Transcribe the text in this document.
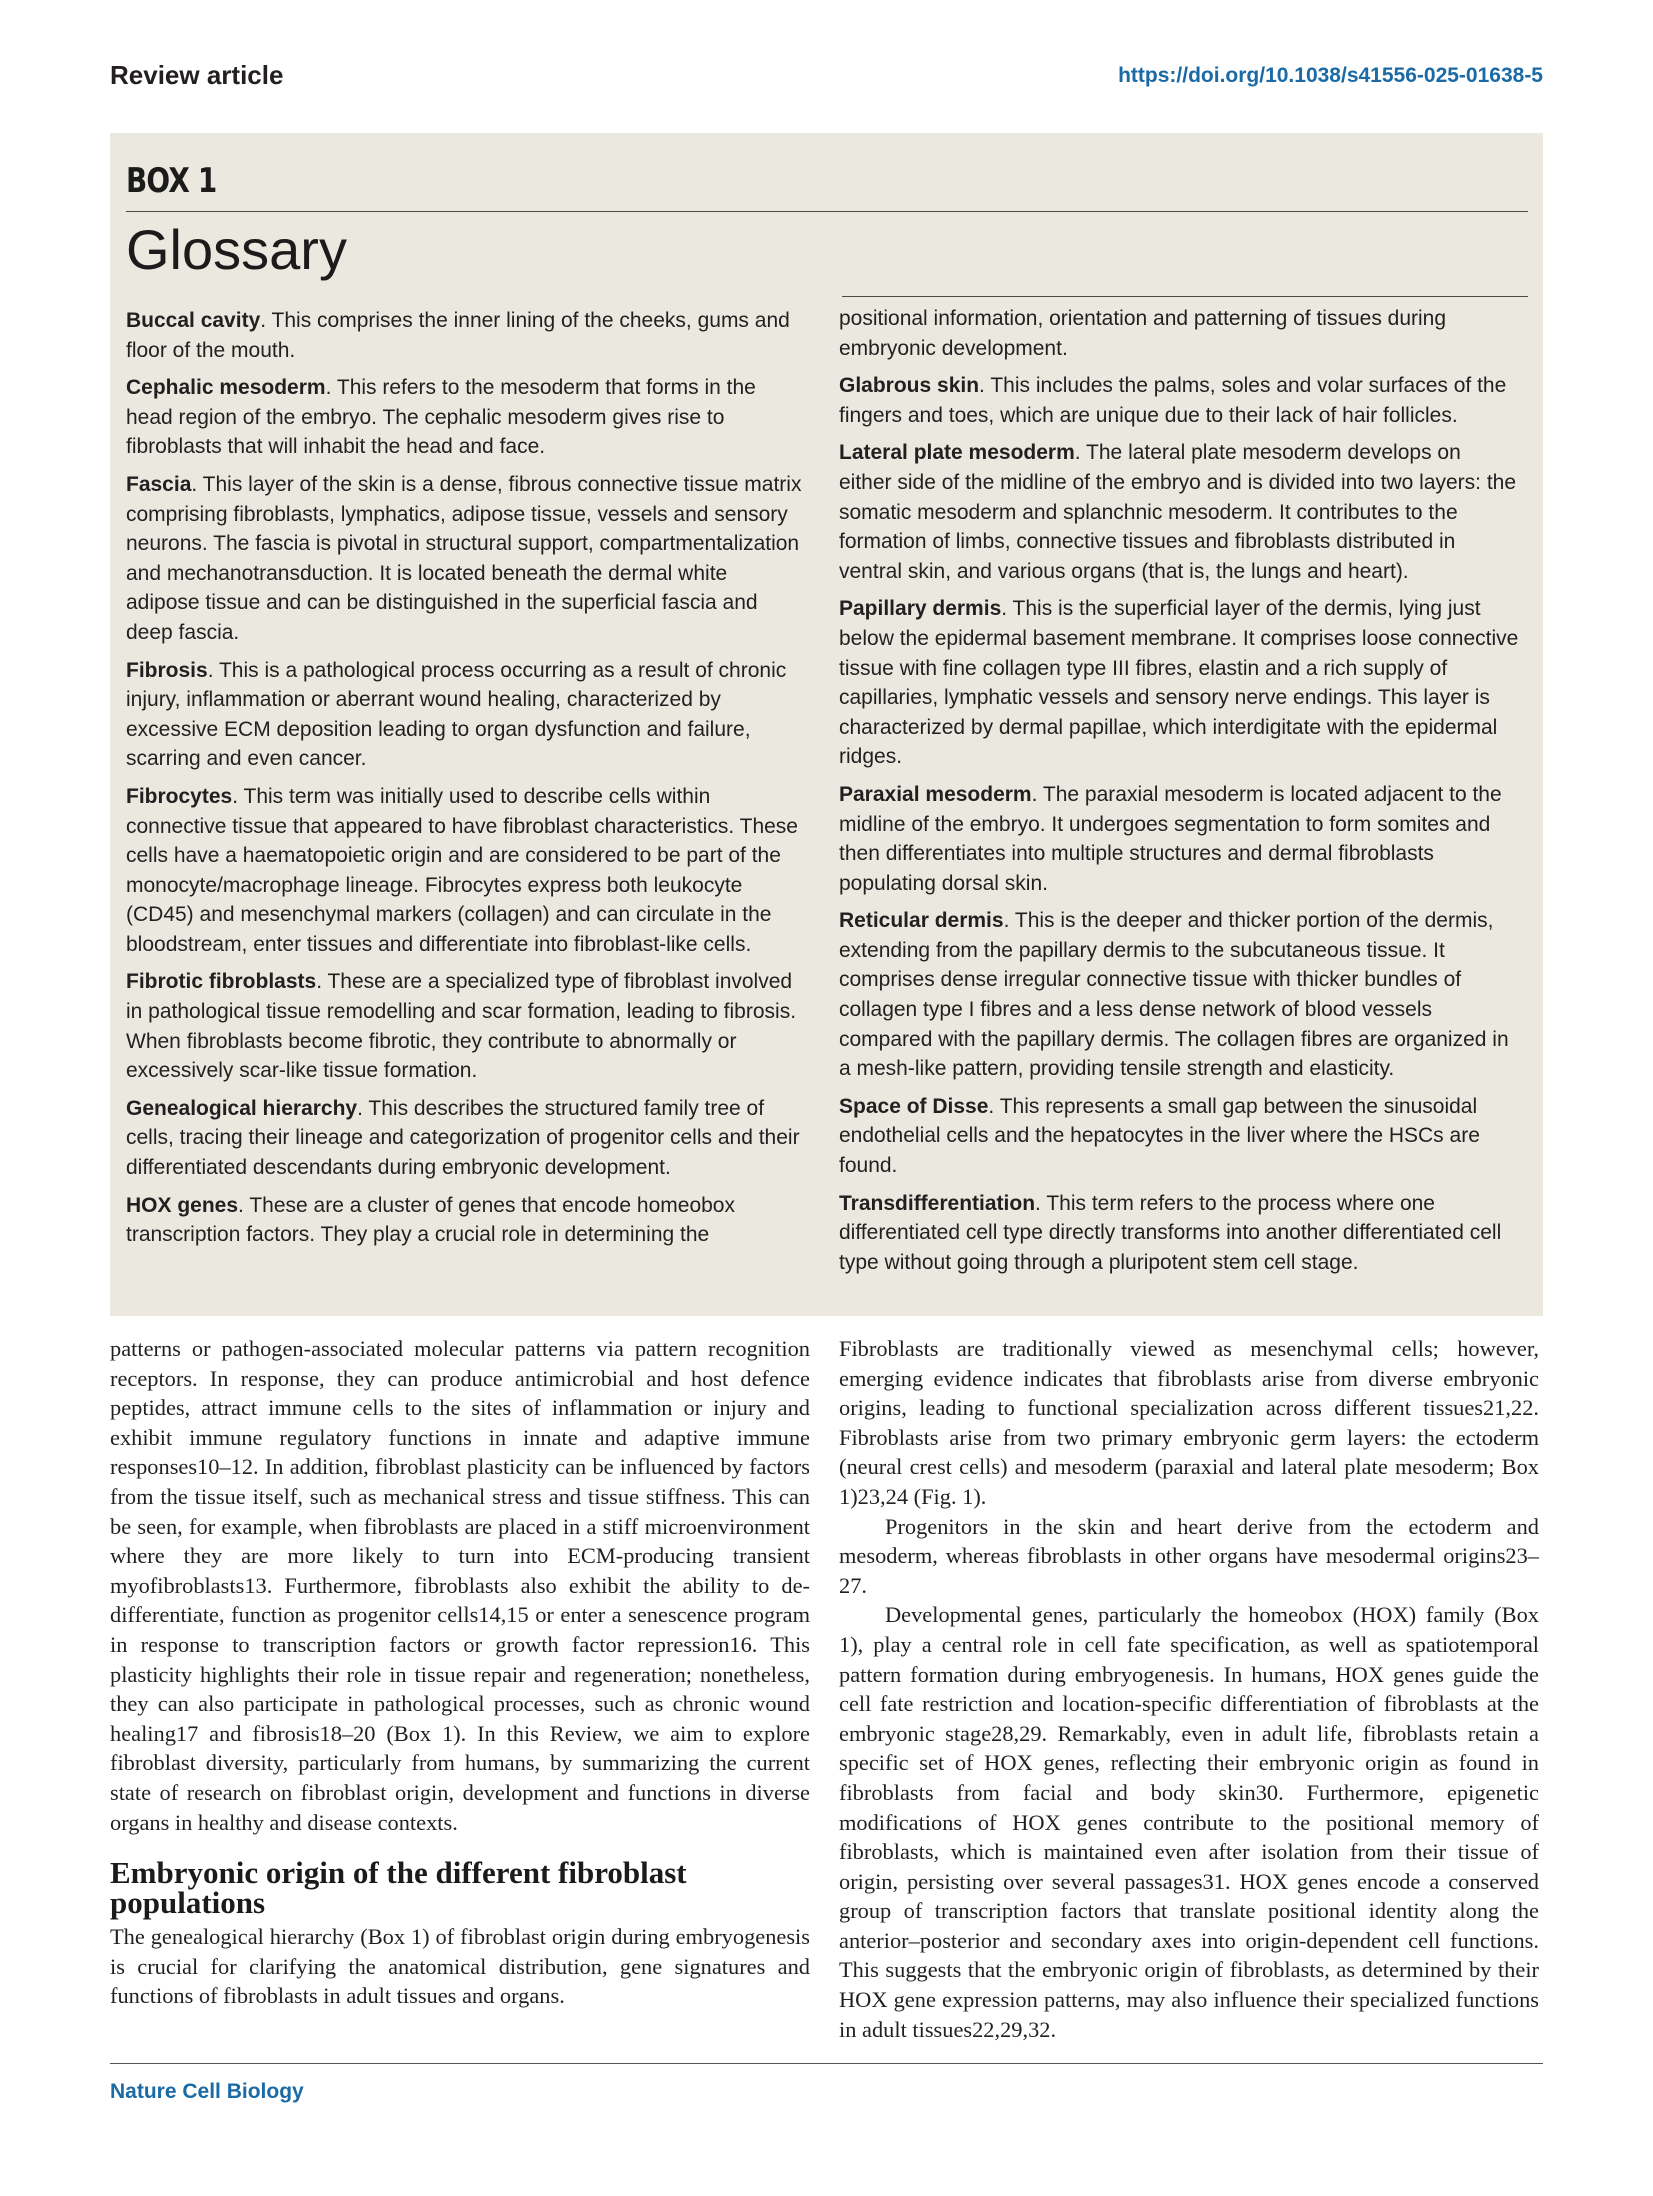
Review article	https://doi.org/10.1038/s41556-025-01638-5
BOX 1
Glossary

Buccal cavity. This comprises the inner lining of the cheeks, gums and floor of the mouth.

Cephalic mesoderm. This refers to the mesoderm that forms in the head region of the embryo. The cephalic mesoderm gives rise to fibroblasts that will inhabit the head and face.

Fascia. This layer of the skin is a dense, fibrous connective tissue matrix comprising fibroblasts, lymphatics, adipose tissue, vessels and sensory neurons. The fascia is pivotal in structural support, compartmentalization and mechanotransduction. It is located beneath the dermal white adipose tissue and can be distinguished in the superficial fascia and deep fascia.

Fibrosis. This is a pathological process occurring as a result of chronic injury, inflammation or aberrant wound healing, characterized by excessive ECM deposition leading to organ dysfunction and failure, scarring and even cancer.

Fibrocytes. This term was initially used to describe cells within connective tissue that appeared to have fibroblast characteristics. These cells have a haematopoietic origin and are considered to be part of the monocyte/macrophage lineage. Fibrocytes express both leukocyte (CD45) and mesenchymal markers (collagen) and can circulate in the bloodstream, enter tissues and differentiate into fibroblast-like cells.

Fibrotic fibroblasts. These are a specialized type of fibroblast involved in pathological tissue remodelling and scar formation, leading to fibrosis. When fibroblasts become fibrotic, they contribute to abnormally or excessively scar-like tissue formation.

Genealogical hierarchy. This describes the structured family tree of cells, tracing their lineage and categorization of progenitor cells and their differentiated descendants during embryonic development.

HOX genes. These are a cluster of genes that encode homeobox transcription factors. They play a crucial role in determining the

positional information, orientation and patterning of tissues during embryonic development.

Glabrous skin. This includes the palms, soles and volar surfaces of the fingers and toes, which are unique due to their lack of hair follicles.

Lateral plate mesoderm. The lateral plate mesoderm develops on either side of the midline of the embryo and is divided into two layers: the somatic mesoderm and splanchnic mesoderm. It contributes to the formation of limbs, connective tissues and fibroblasts distributed in ventral skin, and various organs (that is, the lungs and heart).

Papillary dermis. This is the superficial layer of the dermis, lying just below the epidermal basement membrane. It comprises loose connective tissue with fine collagen type III fibres, elastin and a rich supply of capillaries, lymphatic vessels and sensory nerve endings. This layer is characterized by dermal papillae, which interdigitate with the epidermal ridges.

Paraxial mesoderm. The paraxial mesoderm is located adjacent to the midline of the embryo. It undergoes segmentation to form somites and then differentiates into multiple structures and dermal fibroblasts populating dorsal skin.

Reticular dermis. This is the deeper and thicker portion of the dermis, extending from the papillary dermis to the subcutaneous tissue. It comprises dense irregular connective tissue with thicker bundles of collagen type I fibres and a less dense network of blood vessels compared with the papillary dermis. The collagen fibres are organized in a mesh-like pattern, providing tensile strength and elasticity.

Space of Disse. This represents a small gap between the sinusoidal endothelial cells and the hepatocytes in the liver where the HSCs are found.

Transdifferentiation. This term refers to the process where one differentiated cell type directly transforms into another differentiated cell type without going through a pluripotent stem cell stage.

patterns or pathogen-associated molecular patterns via pattern recognition receptors. In response, they can produce antimicrobial and host defence peptides, attract immune cells to the sites of inflammation or injury and exhibit immune regulatory functions in innate and adaptive immune responses10–12. In addition, fibroblast plasticity can be influenced by factors from the tissue itself, such as mechanical stress and tissue stiffness. This can be seen, for example, when fibroblasts are placed in a stiff microenvironment where they are more likely to turn into ECM-producing transient myofibroblasts13. Furthermore, fibroblasts also exhibit the ability to de-differentiate, function as progenitor cells14,15 or enter a senescence program in response to transcription factors or growth factor repression16. This plasticity highlights their role in tissue repair and regeneration; nonetheless, they can also participate in pathological processes, such as chronic wound healing17 and fibrosis18–20 (Box 1). In this Review, we aim to explore fibroblast diversity, particularly from humans, by summarizing the current state of research on fibroblast origin, development and functions in diverse organs in healthy and disease contexts.

Embryonic origin of the different fibroblast populations

The genealogical hierarchy (Box 1) of fibroblast origin during embryogenesis is crucial for clarifying the anatomical distribution, gene signatures and functions of fibroblasts in adult tissues and organs.

Fibroblasts are traditionally viewed as mesenchymal cells; however, emerging evidence indicates that fibroblasts arise from diverse embryonic origins, leading to functional specialization across different tissues21,22. Fibroblasts arise from two primary embryonic germ layers: the ectoderm (neural crest cells) and mesoderm (paraxial and lateral plate mesoderm; Box 1)23,24 (Fig. 1).

Progenitors in the skin and heart derive from the ectoderm and mesoderm, whereas fibroblasts in other organs have mesodermal origins23–27.

Developmental genes, particularly the homeobox (HOX) family (Box 1), play a central role in cell fate specification, as well as spatiotemporal pattern formation during embryogenesis. In humans, HOX genes guide the cell fate restriction and location-specific differentiation of fibroblasts at the embryonic stage28,29. Remarkably, even in adult life, fibroblasts retain a specific set of HOX genes, reflecting their embryonic origin as found in fibroblasts from facial and body skin30. Furthermore, epigenetic modifications of HOX genes contribute to the positional memory of fibroblasts, which is maintained even after isolation from their tissue of origin, persisting over several passages31. HOX genes encode a conserved group of transcription factors that translate positional identity along the anterior–posterior and secondary axes into origin-dependent cell functions. This suggests that the embryonic origin of fibroblasts, as determined by their HOX gene expression patterns, may also influence their specialized functions in adult tissues22,29,32.

Nature Cell Biology
